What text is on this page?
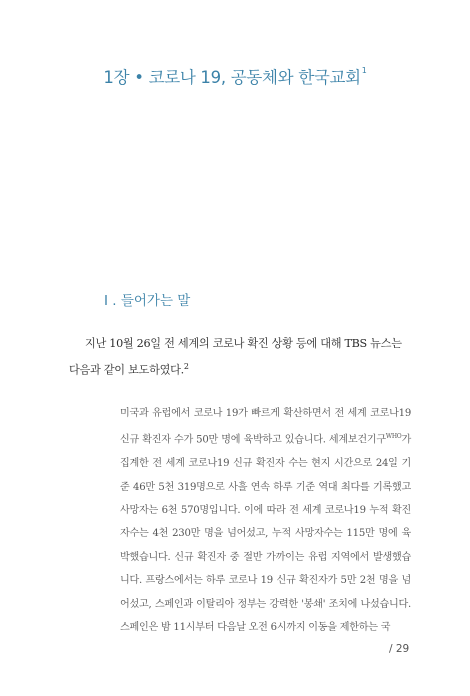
1장 • 코로나 19, 공동체와 한국교회$^1$
I . 들어가는 말

지난 10월 26일 전 세계의 코로나 확진 상황 등에 대해 TBS 뉴스는 다음과 같이 보도하였다.$^2$

미국과 유럽에서 코로나 19가 빠르게 확산하면서 전 세계 코로나19 신규 확진자 수가 50만 명에 육박하고 있습니다. 세계보건기구$^{WHO}$가 집계한 전 세계 코로나19 신규 확진자 수는 현지 시간으로 24일 기준 46만 5천 319명으로 사흘 연속 하루 기준 역대 최다를 기록했고 사망자는 6천 570명입니다. 이에 따라 전 세계 코로나19 누적 확진자수는 4천 230만 명을 넘어섰고, 누적 사망자수는 115만 명에 육박했습니다. 신규 확진자 중 절반 가까이는 유럽 지역에서 발생했습니다. 프랑스에서는 하루 코로나 19 신규 확진자가 5만 2천 명을 넘어섰고, 스페인과 이탈리아 정부는 강력한 '봉쇄' 조치에 나섰습니다. 스페인은 밤 11시부터 다음날 오전 6시까지 이동을 제한하는 국

/ 29
